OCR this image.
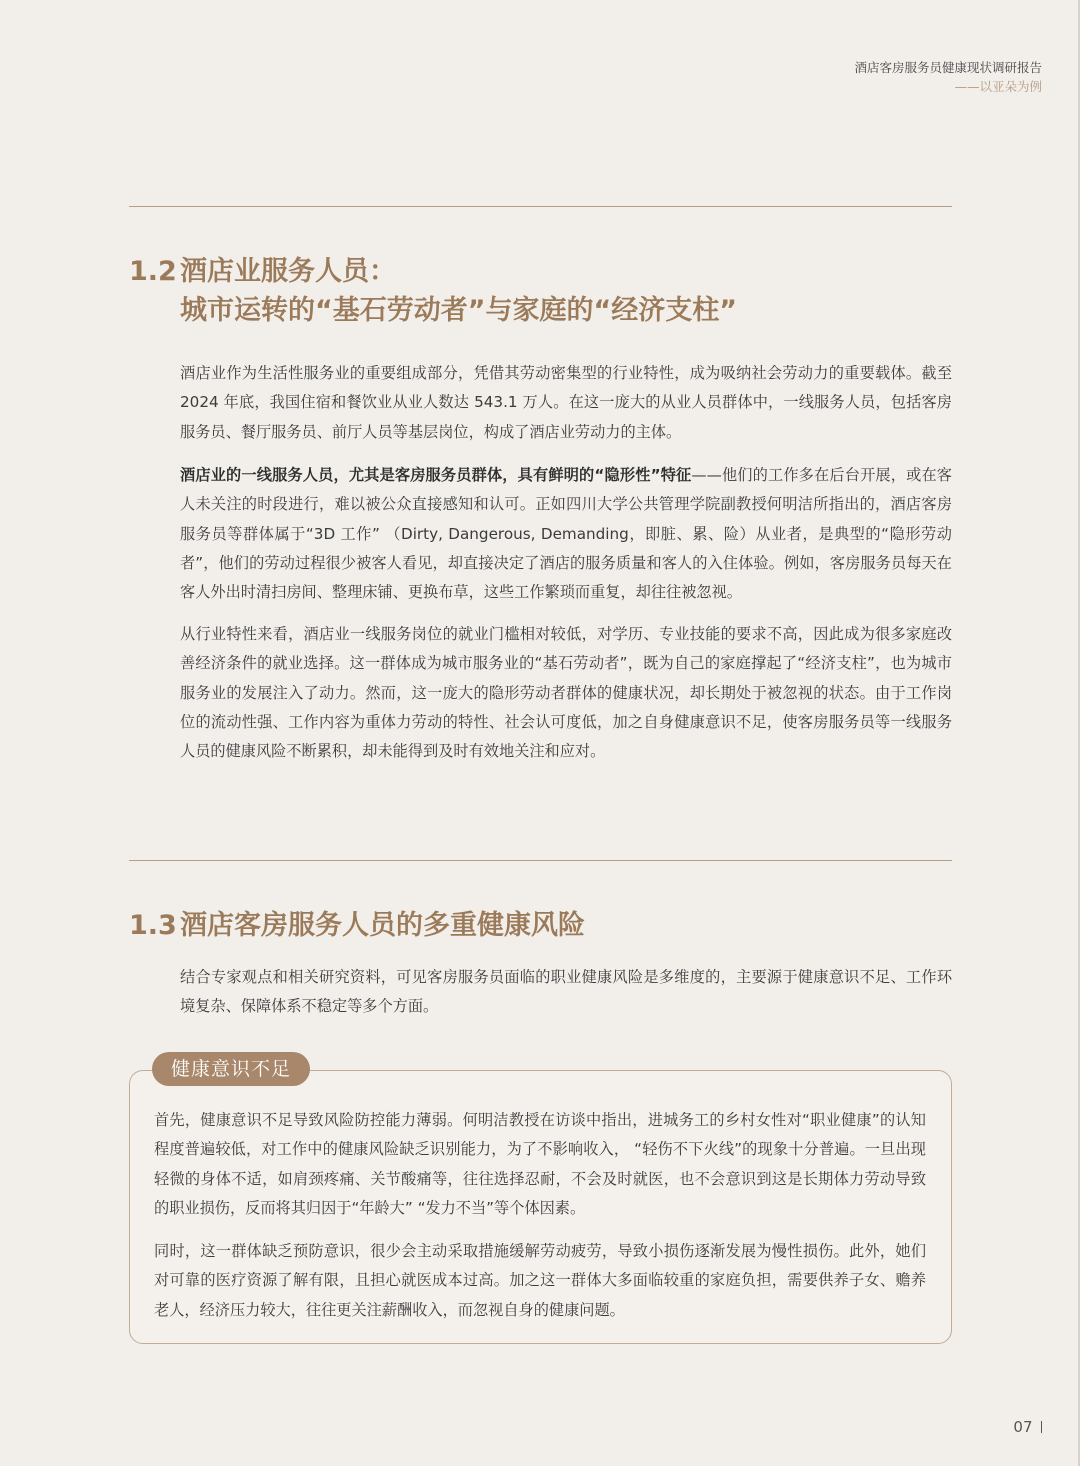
酒店客房服务员健康现状调研报告
——以亚朵为例
1.2 酒店业服务人员：
城市运转的“基石劳动者”与家庭的“经济支柱”

酒店业作为生活性服务业的重要组成部分，凭借其劳动密集型的行业特性，成为吸纳社会劳动力的重要载体。截至 2024 年底，我国住宿和餐饮业从业人数达 543.1 万人。在这一庞大的从业人员群体中，一线服务人员，包括客房服务员、餐厅服务员、前厅人员等基层岗位，构成了酒店业劳动力的主体。

酒店业的一线服务人员，尤其是客房服务员群体，具有鲜明的“隐形性”特征——他们的工作多在后台开展，或在客人未关注的时段进行，难以被公众直接感知和认可。正如四川大学公共管理学院副教授何明洁所指出的，酒店客房服务员等群体属于“3D 工作” （Dirty, Dangerous, Demanding，即脏、累、险）从业者，是典型的“隐形劳动者”，他们的劳动过程很少被客人看见，却直接决定了酒店的服务质量和客人的入住体验。例如，客房服务员每天在客人外出时清扫房间、整理床铺、更换布草，这些工作繁琐而重复，却往往被忽视。

从行业特性来看，酒店业一线服务岗位的就业门槛相对较低，对学历、专业技能的要求不高，因此成为很多家庭改善经济条件的就业选择。这一群体成为城市服务业的“基石劳动者”，既为自己的家庭撑起了“经济支柱”，也为城市服务业的发展注入了动力。然而，这一庞大的隐形劳动者群体的健康状况，却长期处于被忽视的状态。由于工作岗位的流动性强、工作内容为重体力劳动的特性、社会认可度低，加之自身健康意识不足，使客房服务员等一线服务人员的健康风险不断累积，却未能得到及时有效地关注和应对。

1.3 酒店客房服务人员的多重健康风险

结合专家观点和相关研究资料，可见客房服务员面临的职业健康风险是多维度的，主要源于健康意识不足、工作环境复杂、保障体系不稳定等多个方面。

健康意识不足

首先，健康意识不足导致风险防控能力薄弱。何明洁教授在访谈中指出，进城务工的乡村女性对“职业健康”的认知程度普遍较低，对工作中的健康风险缺乏识别能力，为了不影响收入， “轻伤不下火线”的现象十分普遍。一旦出现轻微的身体不适，如肩颈疼痛、关节酸痛等，往往选择忍耐，不会及时就医，也不会意识到这是长期体力劳动导致的职业损伤，反而将其归因于“年龄大” “发力不当”等个体因素。

同时，这一群体缺乏预防意识，很少会主动采取措施缓解劳动疲劳，导致小损伤逐渐发展为慢性损伤。此外，她们对可靠的医疗资源了解有限，且担心就医成本过高。加之这一群体大多面临较重的家庭负担，需要供养子女、赡养老人，经济压力较大，往往更关注薪酬收入，而忽视自身的健康问题。

07
